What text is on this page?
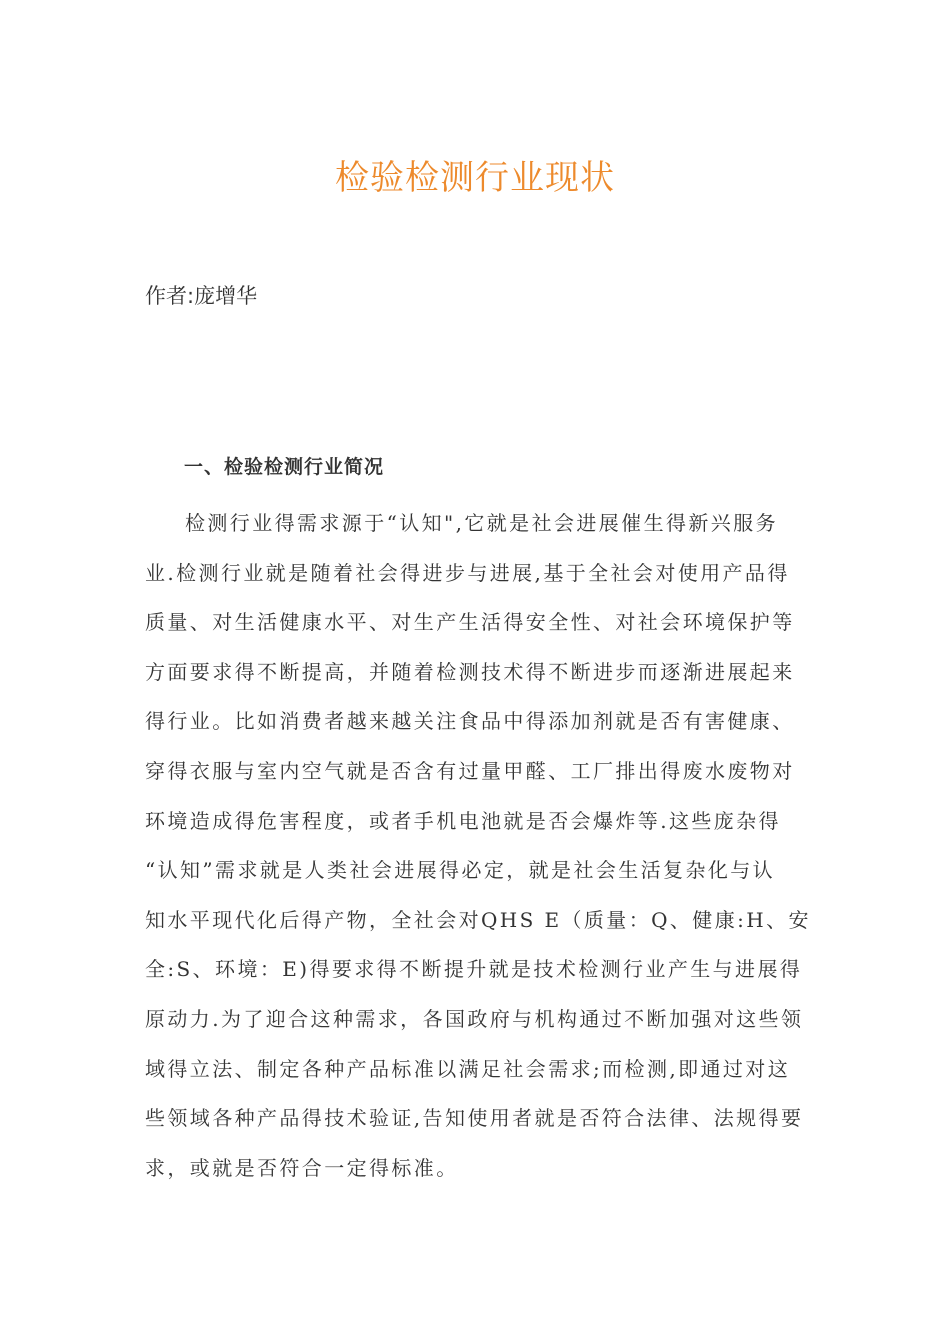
检验检测行业现状
作者:庞增华
一、检验检测行业简况
检测行业得需求源于“认知",它就是社会进展催生得新兴服务
业.检测行业就是随着社会得进步与进展,基于全社会对使用产品得
质量、对生活健康水平、对生产生活得安全性、对社会环境保护等
方面要求得不断提高，并随着检测技术得不断进步而逐渐进展起来
得行业。比如消费者越来越关注食品中得添加剂就是否有害健康、
穿得衣服与室内空气就是否含有过量甲醛、工厂排出得废水废物对
环境造成得危害程度，或者手机电池就是否会爆炸等.这些庞杂得
“认知”需求就是人类社会进展得必定，就是社会生活复杂化与认
知水平现代化后得产物，全社会对QHS E（质量：Q、健康:H、安
全:S、环境：E)得要求得不断提升就是技术检测行业产生与进展得
原动力.为了迎合这种需求，各国政府与机构通过不断加强对这些领
域得立法、制定各种产品标准以满足社会需求;而检测,即通过对这
些领域各种产品得技术验证,告知使用者就是否符合法律、法规得要
求，或就是否符合一定得标准。
